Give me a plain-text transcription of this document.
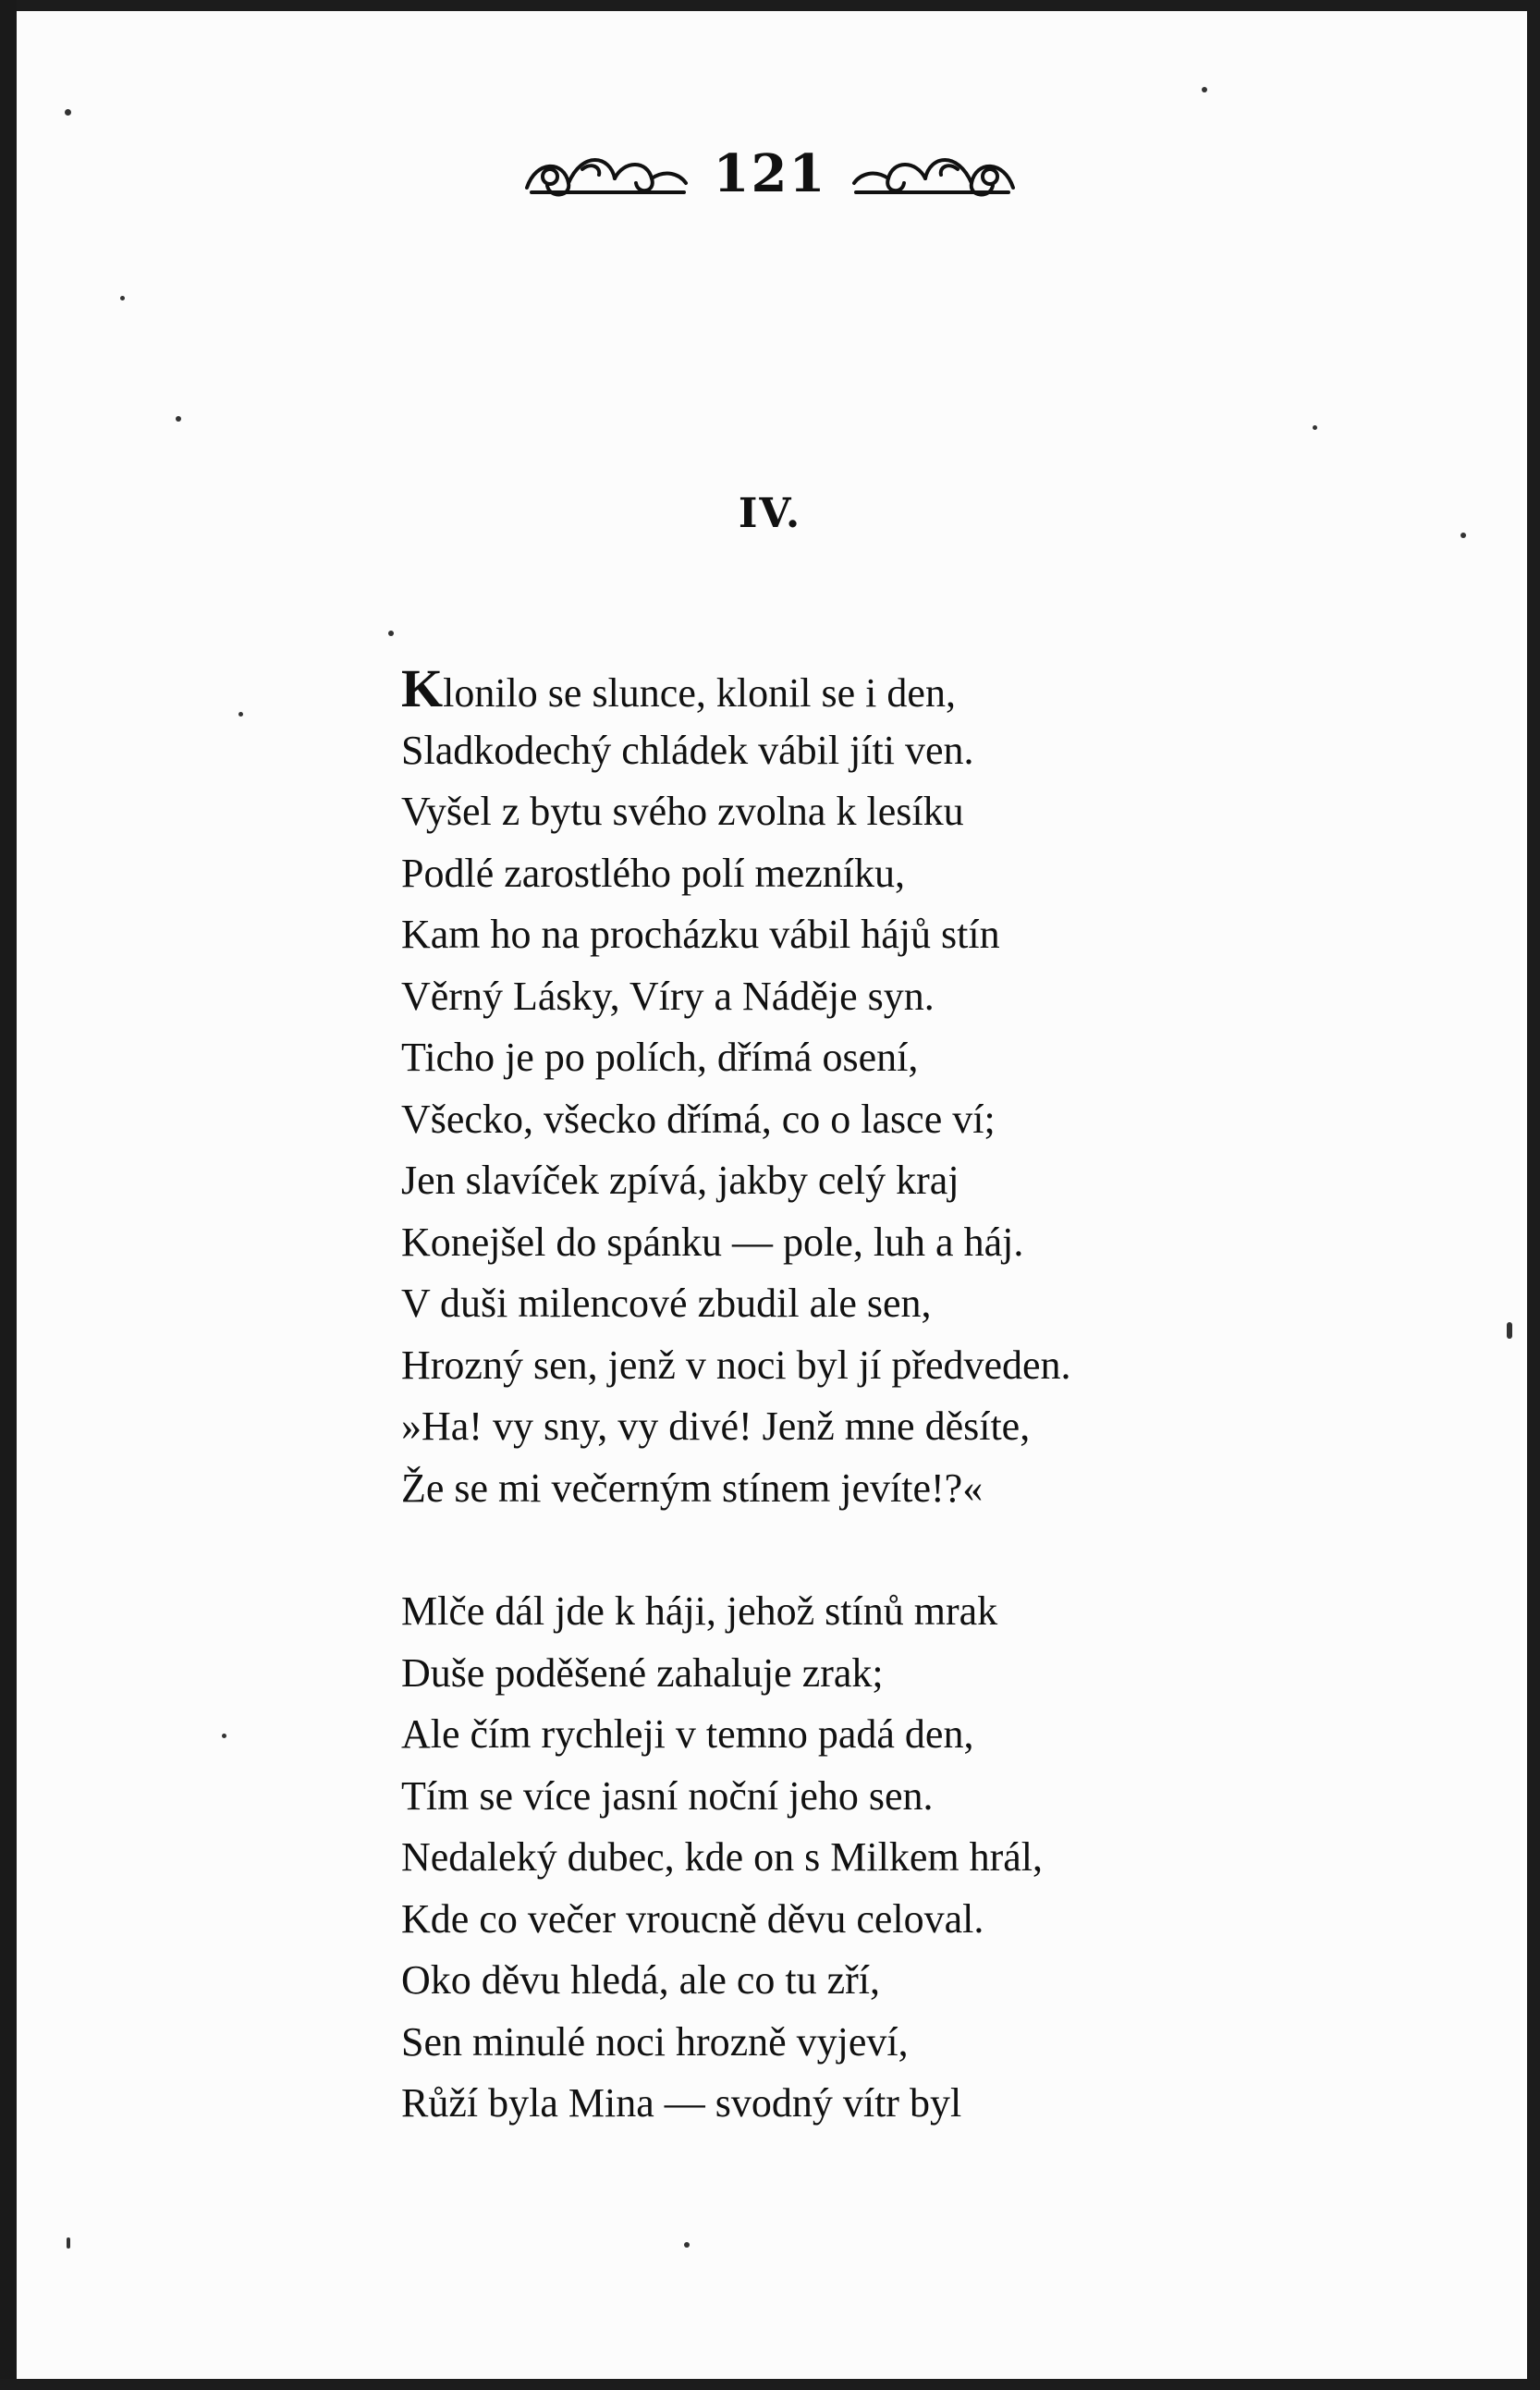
121
IV.
Klonilo se slunce, klonil se i den,
Sladkodechý chládek vábil jíti ven.
Vyšel z bytu svého zvolna k lesíku
Podlé zarostlého polí mezníku,
Kam ho na procházku vábil hájů stín
Věrný Lásky, Víry a Náděje syn.
Ticho je po polích, dřímá osení,
Všecko, všecko dřímá, co o lasce ví;
Jen slavíček zpívá, jakby celý kraj
Konejšel do spánku — pole, luh a háj.
V duši milencové zbudil ale sen,
Hrozný sen, jenž v noci byl jí předveden.
»Ha! vy sny, vy divé! Jenž mne děsíte,
Že se mi večerným stínem jevíte!?«
Mlče dál jde k háji, jehož stínů mrak
Duše poděšené zahaluje zrak;
Ale čím rychleji v temno padá den,
Tím se více jasní noční jeho sen.
Nedaleký dubec, kde on s Milkem hrál,
Kde co večer vroucně děvu celoval.
Oko děvu hledá, ale co tu zří,
Sen minulé noci hrozně vyjeví,
Růží byla Mina — svodný vítr byl
